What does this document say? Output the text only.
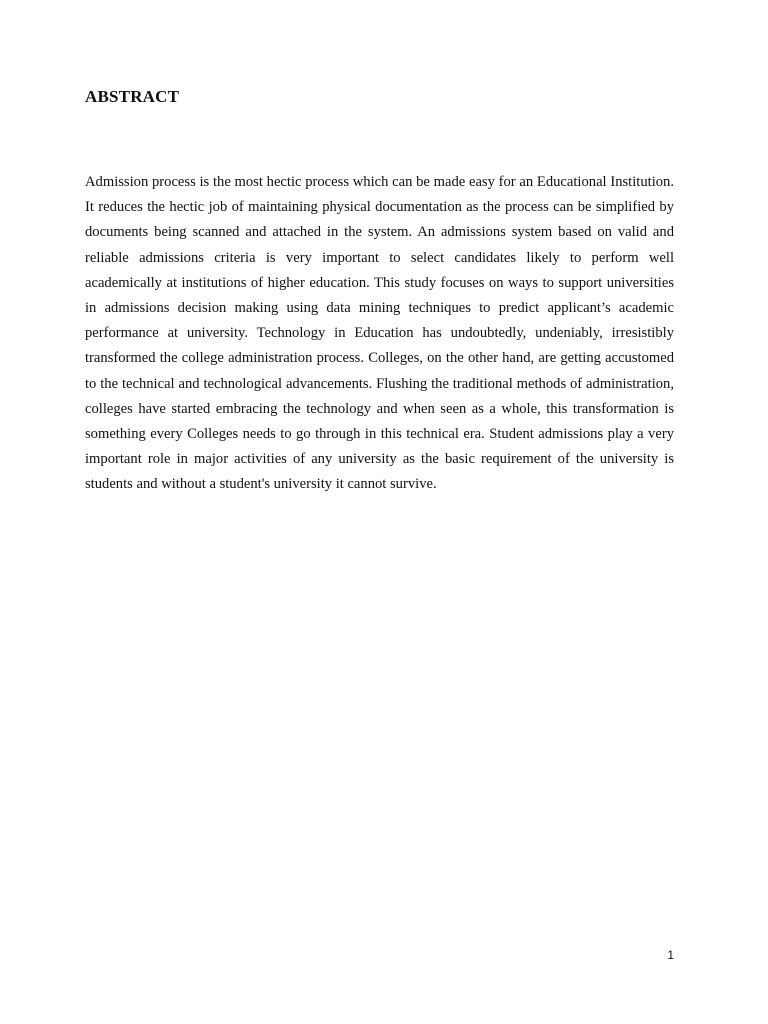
ABSTRACT

Admission process is the most hectic process which can be made easy for an Educational Institution. It reduces the hectic job of maintaining physical documentation as the process can be simplified by documents being scanned and attached in the system. An admissions system based on valid and reliable admissions criteria is very important to select candidates likely to perform well academically at institutions of higher education. This study focuses on ways to support universities in admissions decision making using data mining techniques to predict applicant’s academic performance at university. Technology in Education has undoubtedly, undeniably, irresistibly transformed the college administration process. Colleges, on the other hand, are getting accustomed to the technical and technological advancements. Flushing the traditional methods of administration, colleges have started embracing the technology and when seen as a whole, this transformation is something every Colleges needs to go through in this technical era. Student admissions play a very important role in major activities of any university as the basic requirement of the university is students and without a student's university it cannot survive.

1
